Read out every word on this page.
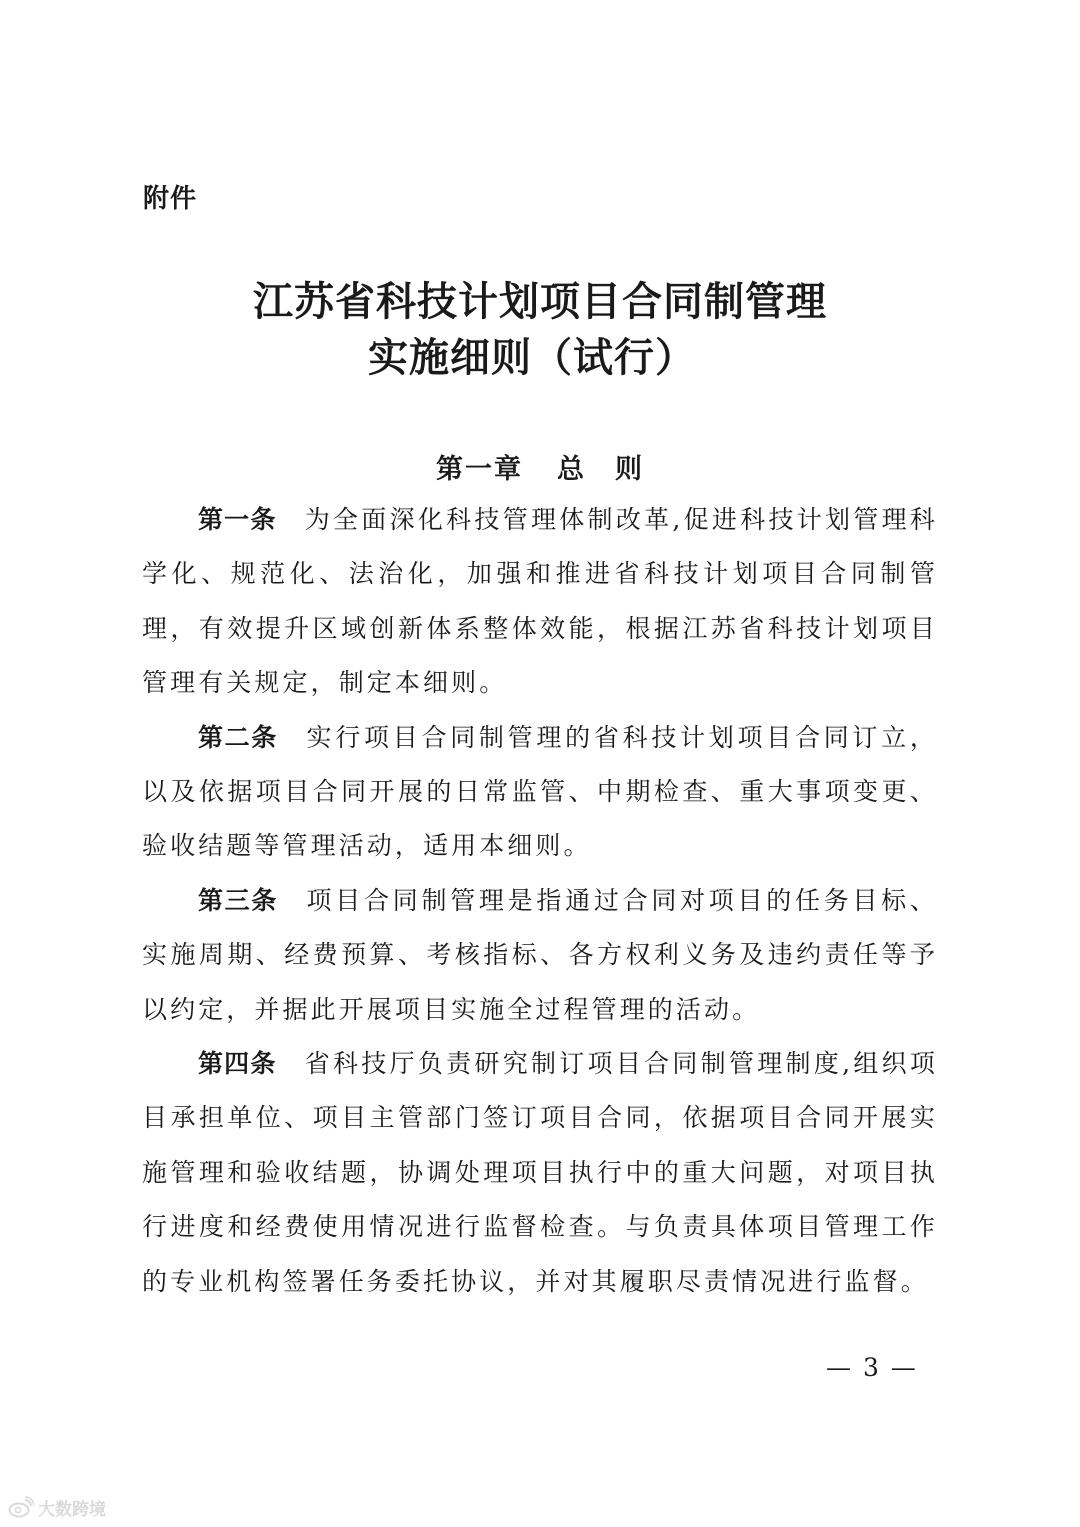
附件
江苏省科技计划项目合同制管理
实施细则（试行）
第一章 总　则

第一条 为全面深化科技管理体制改革,促进科技计划管理科学化、规范化、法治化，加强和推进省科技计划项目合同制管理，有效提升区域创新体系整体效能，根据江苏省科技计划项目管理有关规定，制定本细则。

第二条 实行项目合同制管理的省科技计划项目合同订立，以及依据项目合同开展的日常监管、中期检查、重大事项变更、验收结题等管理活动，适用本细则。

第三条 项目合同制管理是指通过合同对项目的任务目标、实施周期、经费预算、考核指标、各方权利义务及违约责任等予以约定，并据此开展项目实施全过程管理的活动。

第四条 省科技厅负责研究制订项目合同制管理制度,组织项目承担单位、项目主管部门签订项目合同，依据项目合同开展实施管理和验收结题，协调处理项目执行中的重大问题，对项目执行进度和经费使用情况进行监督检查。与负责具体项目管理工作的专业机构签署任务委托协议，并对其履职尽责情况进行监督。

— 3 —
大数跨境
